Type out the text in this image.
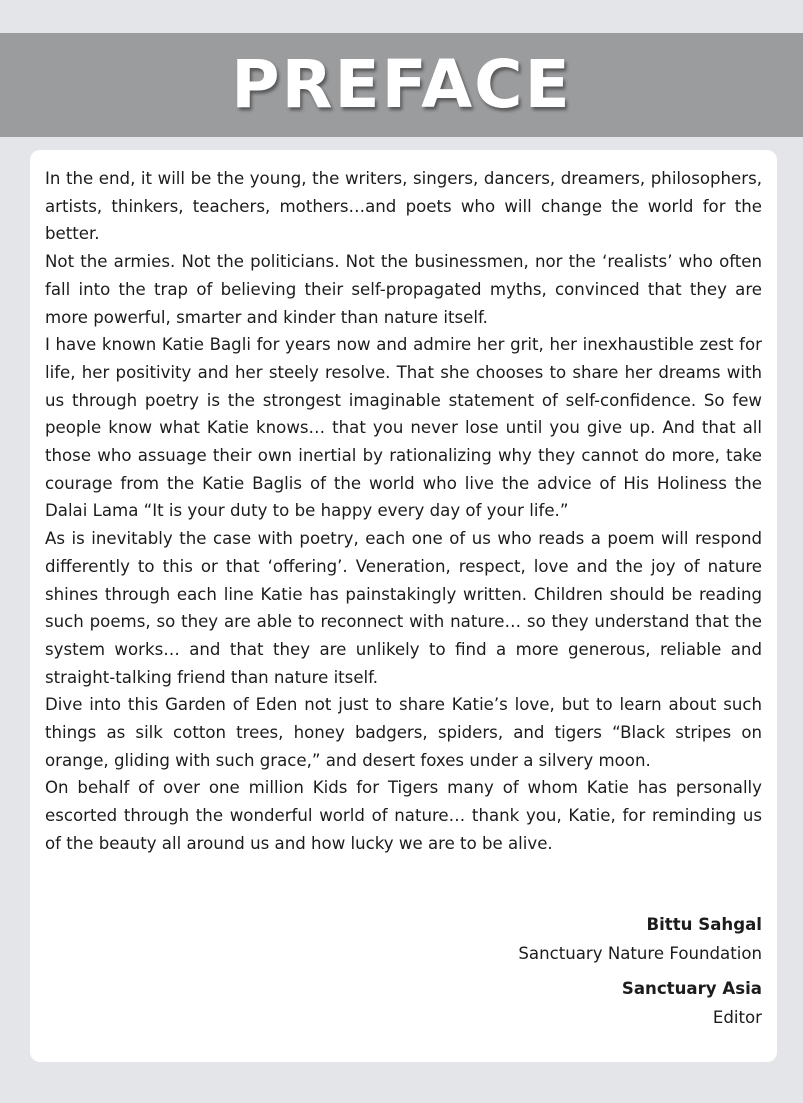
PREFACE

In the end, it will be the young, the writers, singers, dancers, dreamers, philosophers, artists, thinkers, teachers, mothers…and poets who will change the world for the better.

Not the armies. Not the politicians. Not the businessmen, nor the ‘realists’ who often fall into the trap of believing their self-propagated myths, convinced that they are more powerful, smarter and kinder than nature itself.

I have known Katie Bagli for years now and admire her grit, her inexhaustible zest for life, her positivity and her steely resolve. That she chooses to share her dreams with us through poetry is the strongest imaginable statement of self-confidence. So few people know what Katie knows… that you never lose until you give up. And that all those who assuage their own inertial by rationalizing why they cannot do more, take courage from the Katie Baglis of the world who live the advice of His Holiness the Dalai Lama “It is your duty to be happy every day of your life.”

As is inevitably the case with poetry, each one of us who reads a poem will respond differently to this or that ‘offering’. Veneration, respect, love and the joy of nature shines through each line Katie has painstakingly written. Children should be reading such poems, so they are able to reconnect with nature… so they understand that the system works… and that they are unlikely to find a more generous, reliable and straight-talking friend than nature itself.

Dive into this Garden of Eden not just to share Katie’s love, but to learn about such things as silk cotton trees, honey badgers, spiders, and tigers “Black stripes on orange, gliding with such grace,” and desert foxes under a silvery moon.

On behalf of over one million Kids for Tigers many of whom Katie has personally escorted through the wonderful world of nature… thank you, Katie, for reminding us of the beauty all around us and how lucky we are to be alive.

Bittu Sahgal
Sanctuary Nature Foundation
Sanctuary Asia
Editor
